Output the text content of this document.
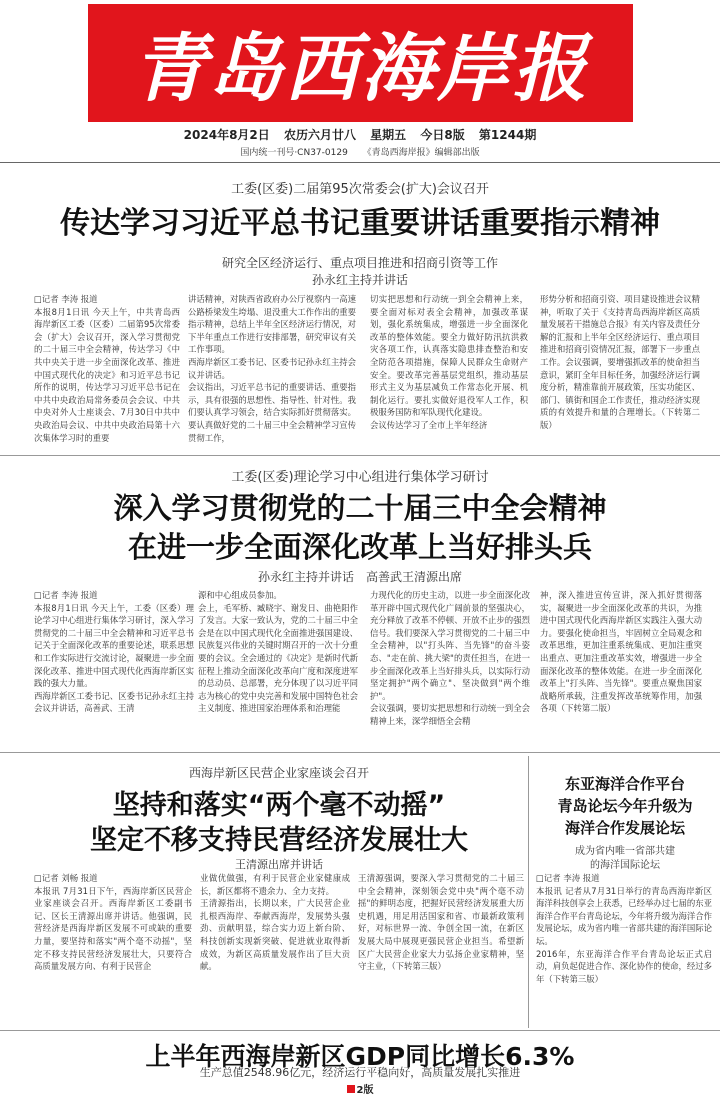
青岛西海岸报
2024年8月2日 农历六月廿八 星期五 今日8版 第1244期
国内统一刊号·CN37-0129 《青岛西海岸报》编辑部出版
工委(区委)二届第95次常委会(扩大)会议召开
传达学习习近平总书记重要讲话重要指示精神
研究全区经济运行、重点项目推进和招商引资等工作
孙永红主持并讲话

□记者 李涛 报道
本报8月1日讯 今天上午，中共青岛西海岸新区工委（区委）二届第95次常委会（扩大）会议召开，深入学习贯彻党的二十届三中全会精神，传达学习《中共中央关于进一步全面深化改革、推进中国式现代化的决定》和习近平总书记所作的说明，传达学习习近平总书记在中共中央政治局常务委员会会议、中共中央对外人士座谈会、7月30日中共中央政治局会议、中共中央政治局第十六次集体学习时的重要

讲话精神，对陕西省政府办公厅视察内一高速公路桥梁发生垮塌、退没重大工作作出的重要指示精神，总结上半年全区经济运行情况，对下半年重点工作进行安排部署，研究审议有关工作事项。
西海岸新区工委书记、区委书记孙永红主持会议并讲话。
会议指出，习近平总书记的重要讲话、重要指示，具有很强的思想性、指导性、针对性。我们要认真学习领会，结合实际抓好贯彻落实。要认真做好党的二十届三中全会精神学习宣传贯彻工作，

切实把思想和行动统一到全会精神上来，要全面对标对表全会精神，加强改革谋划，强化系统集成，增强进一步全面深化改革的整体效能。要全力做好防汛抗洪救灾各项工作，认真落实隐患排查整治和安全防范各项措施，保障人民群众生命财产安全。要改革完善基层党组织，推动基层形式主义为基层减负工作常态化开展、机制化运行。要扎实做好退役军人工作，积极服务国防和军队现代化建设。
会议传达学习了全市上半年经济

形势分析和招商引资、项目建设推进会议精神，听取了关于《支持青岛西海岸新区高质量发展若干措施总合报》有关内容及责任分解的汇报和上半年全区经济运行、重点项目推进和招商引资情况汇报，部署下一步重点工作。会议强调，要增强抓改革的使命担当意识，紧盯全年目标任务，加强经济运行调度分析，精准靠前开展政策，压实功能区、部门、镇街和国企工作责任，推动经济实现质的有效提升和量的合理增长。（下转第二版）

工委(区委)理论学习中心组进行集体学习研讨
深入学习贯彻党的二十届三中全会精神
在进一步全面深化改革上当好排头兵
孙永红主持并讲话　高善武王清源出席

□记者 李涛 报道
本报8月1日讯 今天上午，工委（区委）理论学习中心组进行集体学习研讨，深入学习贯彻党的二十届三中全会精神和习近平总书记关于全面深化改革的重要论述，联系思想和工作实际进行交流讨论，凝聚进一步全面深化改革、推进中国式现代化西海岸新区实践的强大力量。
西海岸新区工委书记、区委书记孙永红主持会议并讲话，高善武、王清

源和中心组成员参加。
会上，毛军桥、臧晓宇、谢发日、曲艳阳作了发言。大家一致认为，党的二十届三中全会是在以中国式现代化全面推进强国建设、民族复兴伟业的关键时期召开的一次十分重要的会议。全会通过的《决定》是新时代新征程上推动全面深化改革向广度和深度进军的总动员、总部署，充分体现了以习近平同志为核心的党中央完善和发展中国特色社会主义制度、推进国家治理体系和治理能

力现代化的历史主动，以进一步全面深化改革开辟中国式现代化广阔前景的坚强决心，充分释放了改革不停顿、开放不止步的强烈信号。我们要深入学习贯彻党的二十届三中全会精神，以"打头阵、当先锋"的奋斗姿态、"走在前、挑大梁"的责任担当，在进一步全面深化改革上当好排头兵，以实际行动坚定拥护"两个确立"、坚决做到"两个维护"。
会议强调，要切实把思想和行动统一到全会精神上来，深学细悟全会精

神，深入推进宣传宣讲，深入抓好贯彻落实，凝聚进一步全面深化改革的共识，为推进中国式现代化西海岸新区实践注入强大动力。要强化使命担当，牢固树立全局观念和改革思维，更加注重系统集成、更加注重突出重点、更加注重改革实效，增强进一步全面深化改革的整体效能。在进一步全面深化改革上"打头阵、当先锋"。要重点聚焦国家战略所承载，注重发挥改革统筹作用，加强各项（下转第二版）

西海岸新区民营企业家座谈会召开
坚持和落实“两个毫不动摇”
坚定不移支持民营经济发展壮大
王清源出席并讲话

□记者 刘畅 报道
本报讯 7月31日下午，西海岸新区民营企业家座谈会召开。西海岸新区工委副书记、区长王清源出席并讲话。他强调，民营经济是西海岸新区发展不可或缺的重要力量，要坚持和落实"两个毫不动摇"，坚定不移支持民营经济发展壮大，只要符合高质量发展方向、有利于民营企

业做优做强，有利于民营企业家健康成长，新区都将不遗余力、全力支持。
王清源指出，长期以来，广大民营企业扎根西海岸、奉献西海岸，发展势头强劲、贡献明显，综合实力迈上新台阶、科技创新实现新突破、促进就业取得新成效，为新区高质量发展作出了巨大贡献。

王清源强调，要深入学习贯彻党的二十届三中全会精神，深刻领会党中央"两个毫不动摇"的鲜明态度，把握好民营经济发展重大历史机遇，用足用活国家和省、市最新政策利好，对标世界一流、争创全国一流，在新区发展大局中展现更强民营企业担当。希望新区广大民营企业家大力弘扬企业家精神，坚守主业，（下转第三版）

东亚海洋合作平台
青岛论坛今年升级为
海洋合作发展论坛
成为省内唯一省部共建
的海洋国际论坛

□记者 李涛 报道
本报讯 记者从7月31日举行的青岛西海岸新区海洋科技创享会上获悉，已经举办过七届的东亚海洋合作平台青岛论坛，今年将升级为海洋合作发展论坛，成为省内唯一省部共建的海洋国际论坛。
2016年，东亚海洋合作平台青岛论坛正式启动，肩负起促进合作、深化协作的使命，经过多年（下转第三版）

上半年西海岸新区GDP同比增长6.3%
生产总值2548.96亿元，经济运行平稳向好，高质量发展扎实推进
2版
